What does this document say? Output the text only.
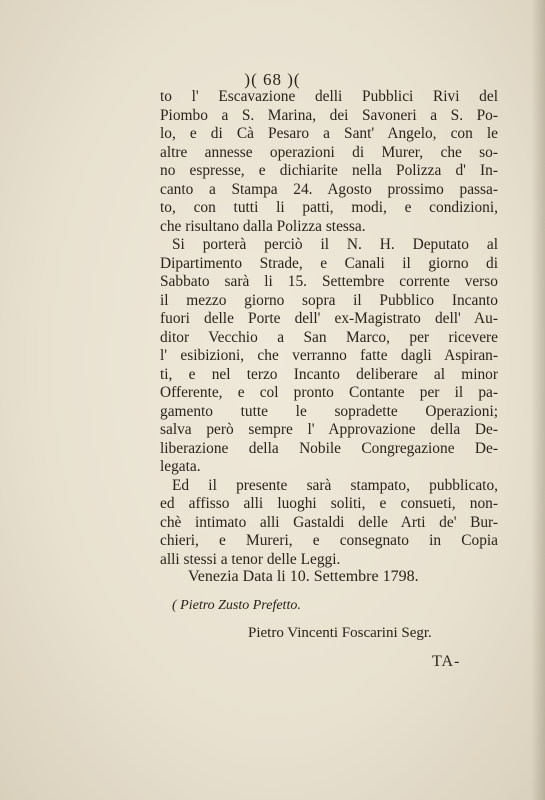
)( 68 )(
to l' Escavazione delli Pubblici Rivi del
Piombo a S. Marina, dei Savoneri a S. Po-
lo, e di Cà Pesaro a Sant' Angelo, con le
altre annesse operazioni di Murer, che so-
no espresse, e dichiarite nella Polizza d' In-
canto a Stampa 24. Agosto prossimo passa-
to, con tutti li patti, modi, e condizioni,
che risultano dalla Polizza stessa.
Si porterà perciò il N. H. Deputato al
Dipartimento Strade, e Canali il giorno di
Sabbato sarà li 15. Settembre corrente verso
il mezzo giorno sopra il Pubblico Incanto
fuori delle Porte dell' ex-Magistrato dell' Au-
ditor Vecchio a San Marco, per ricevere
l' esibizioni, che verranno fatte dagli Aspiran-
ti, e nel terzo Incanto deliberare al minor
Offerente, e col pronto Contante per il pa-
gamento tutte le sopradette Operazioni;
salva però sempre l' Approvazione della De-
liberazione della Nobile Congregazione De-
legata.
Ed il presente sarà stampato, pubblicato,
ed affisso alli luoghi soliti, e consueti, non-
chè intimato alli Gastaldi delle Arti de' Bur-
chieri, e Mureri, e consegnato in Copia
alli stessi a tenor delle Leggi.
Venezia Data li 10. Settembre 1798.
( Pietro Zusto Prefetto.
Pietro Vincenti Foscarini Segr.
TA-
